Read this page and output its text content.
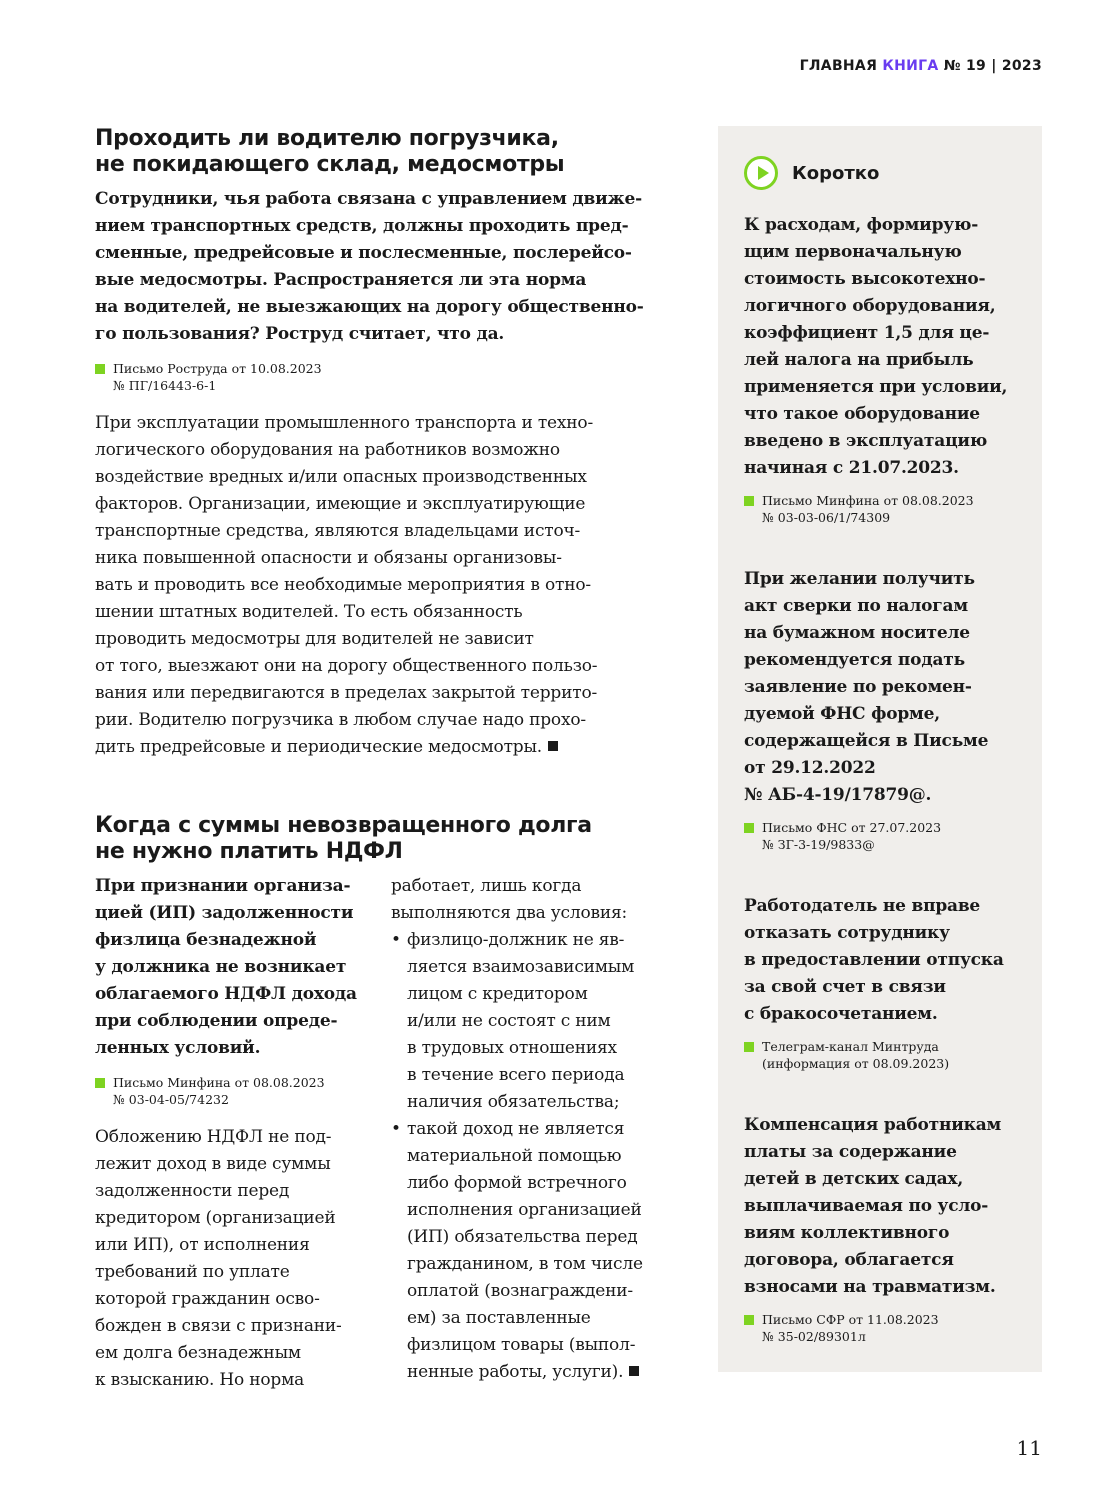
ГЛАВНАЯ КНИГА № 19 | 2023
Проходить ли водителю погрузчика,
не покидающего склад, медосмотры
Сотрудники, чья работа связана с управлением движе-
нием транспортных средств, должны проходить пред-
сменные, предрейсовые и послесменные, послерейсо-
вые медосмотры. Распространяется ли эта норма
на водителей, не выезжающих на дорогу общественно-
го пользования? Роструд считает, что да.
Письмо Роструда от 10.08.2023
№ ПГ/16443-6-1
При эксплуатации промышленного транспорта и техно-
логического оборудования на работников возможно
воздействие вредных и/или опасных производственных
факторов. Организации, имеющие и эксплуатирующие
транспортные средства, являются владельцами источ-
ника повышенной опасности и обязаны организовы-
вать и проводить все необходимые мероприятия в отно-
шении штатных водителей. То есть обязанность
проводить медосмотры для водителей не зависит
от того, выезжают они на дорогу общественного пользо-
вания или передвигаются в пределах закрытой террито-
рии. Водителю погрузчика в любом случае надо прохо-
дить предрейсовые и периодические медосмотры.
Когда с суммы невозвращенного долга
не нужно платить НДФЛ
При признании организа-
цией (ИП) задолженности
физлица безнадежной
у должника не возникает
облагаемого НДФЛ дохода
при соблюдении опреде-
ленных условий.
Письмо Минфина от 08.08.2023
№ 03-04-05/74232
Обложению НДФЛ не под-
лежит доход в виде суммы
задолженности перед
кредитором (организацией
или ИП), от исполнения
требований по уплате
которой гражданин осво-
божден в связи с признани-
ем долга безнадежным
к взысканию. Но норма
работает, лишь когда
выполняются два условия:
• физлицо-должник не яв-
ляется взаимозависимым
лицом с кредитором
и/или не состоят с ним
в трудовых отношениях
в течение всего периода
наличия обязательства;
• такой доход не является
материальной помощью
либо формой встречного
исполнения организацией
(ИП) обязательства перед
гражданином, в том числе
оплатой (вознаграждени-
ем) за поставленные
физлицом товары (выпол-
ненные работы, услуги).
Коротко

К расходам, формирую-
щим первоначальную
стоимость высокотехно-
логичного оборудования,
коэффициент 1,5 для це-
лей налога на прибыль
применяется при условии,
что такое оборудование
введено в эксплуатацию
начиная с 21.07.2023.

Письмо Минфина от 08.08.2023
№ 03-03-06/1/74309

При желании получить
акт сверки по налогам
на бумажном носителе
рекомендуется подать
заявление по рекомен-
дуемой ФНС форме,
содержащейся в Письме
от 29.12.2022
№ АБ-4-19/17879@.

Письмо ФНС от 27.07.2023
№ ЗГ-3-19/9833@

Работодатель не вправе
отказать сотруднику
в предоставлении отпуска
за свой счет в связи
с бракосочетанием.

Телеграм-канал Минтруда
(информация от 08.09.2023)

Компенсация работникам
платы за содержание
детей в детских садах,
выплачиваемая по усло-
виям коллективного
договора, облагается
взносами на травматизм.

Письмо СФР от 11.08.2023
№ 35-02/89301л
11
